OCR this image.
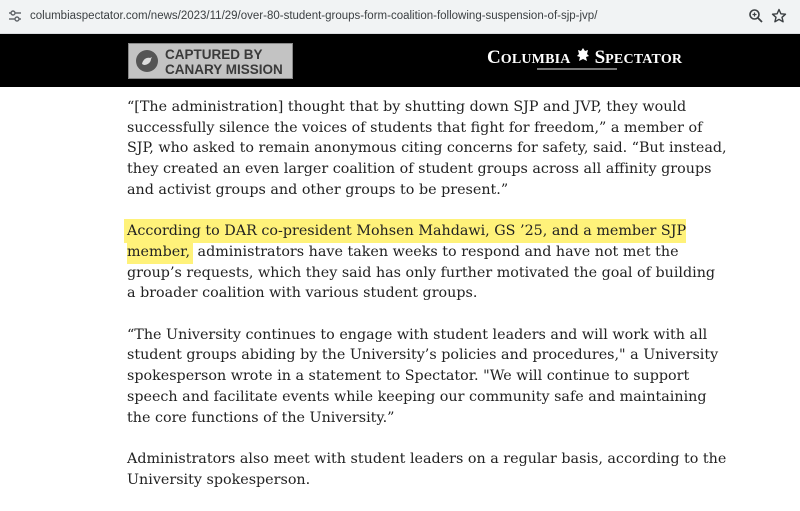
columbiaspectator.com/news/2023/11/29/over-80-student-groups-form-coalition-following-suspension-of-sjp-jvp/
CAPTURED BY
CANARY MISSION
COLUMBIA SPECTATOR

“[The administration] thought that by shutting down SJP and JVP, they would successfully silence the voices of students that fight for freedom,” a member of SJP, who asked to remain anonymous citing concerns for safety, said. “But instead, they created an even larger coalition of student groups across all affinity groups and activist groups and other groups to be present.”

According to DAR co-president Mohsen Mahdawi, GS ’25, and a member SJP member, administrators have taken weeks to respond and have not met the group’s requests, which they said has only further motivated the goal of building a broader coalition with various student groups.

“The University continues to engage with student leaders and will work with all student groups abiding by the University’s policies and procedures," a University spokesperson wrote in a statement to Spectator. "We will continue to support speech and facilitate events while keeping our community safe and maintaining the core functions of the University.”

Administrators also meet with student leaders on a regular basis, according to the University spokesperson.
